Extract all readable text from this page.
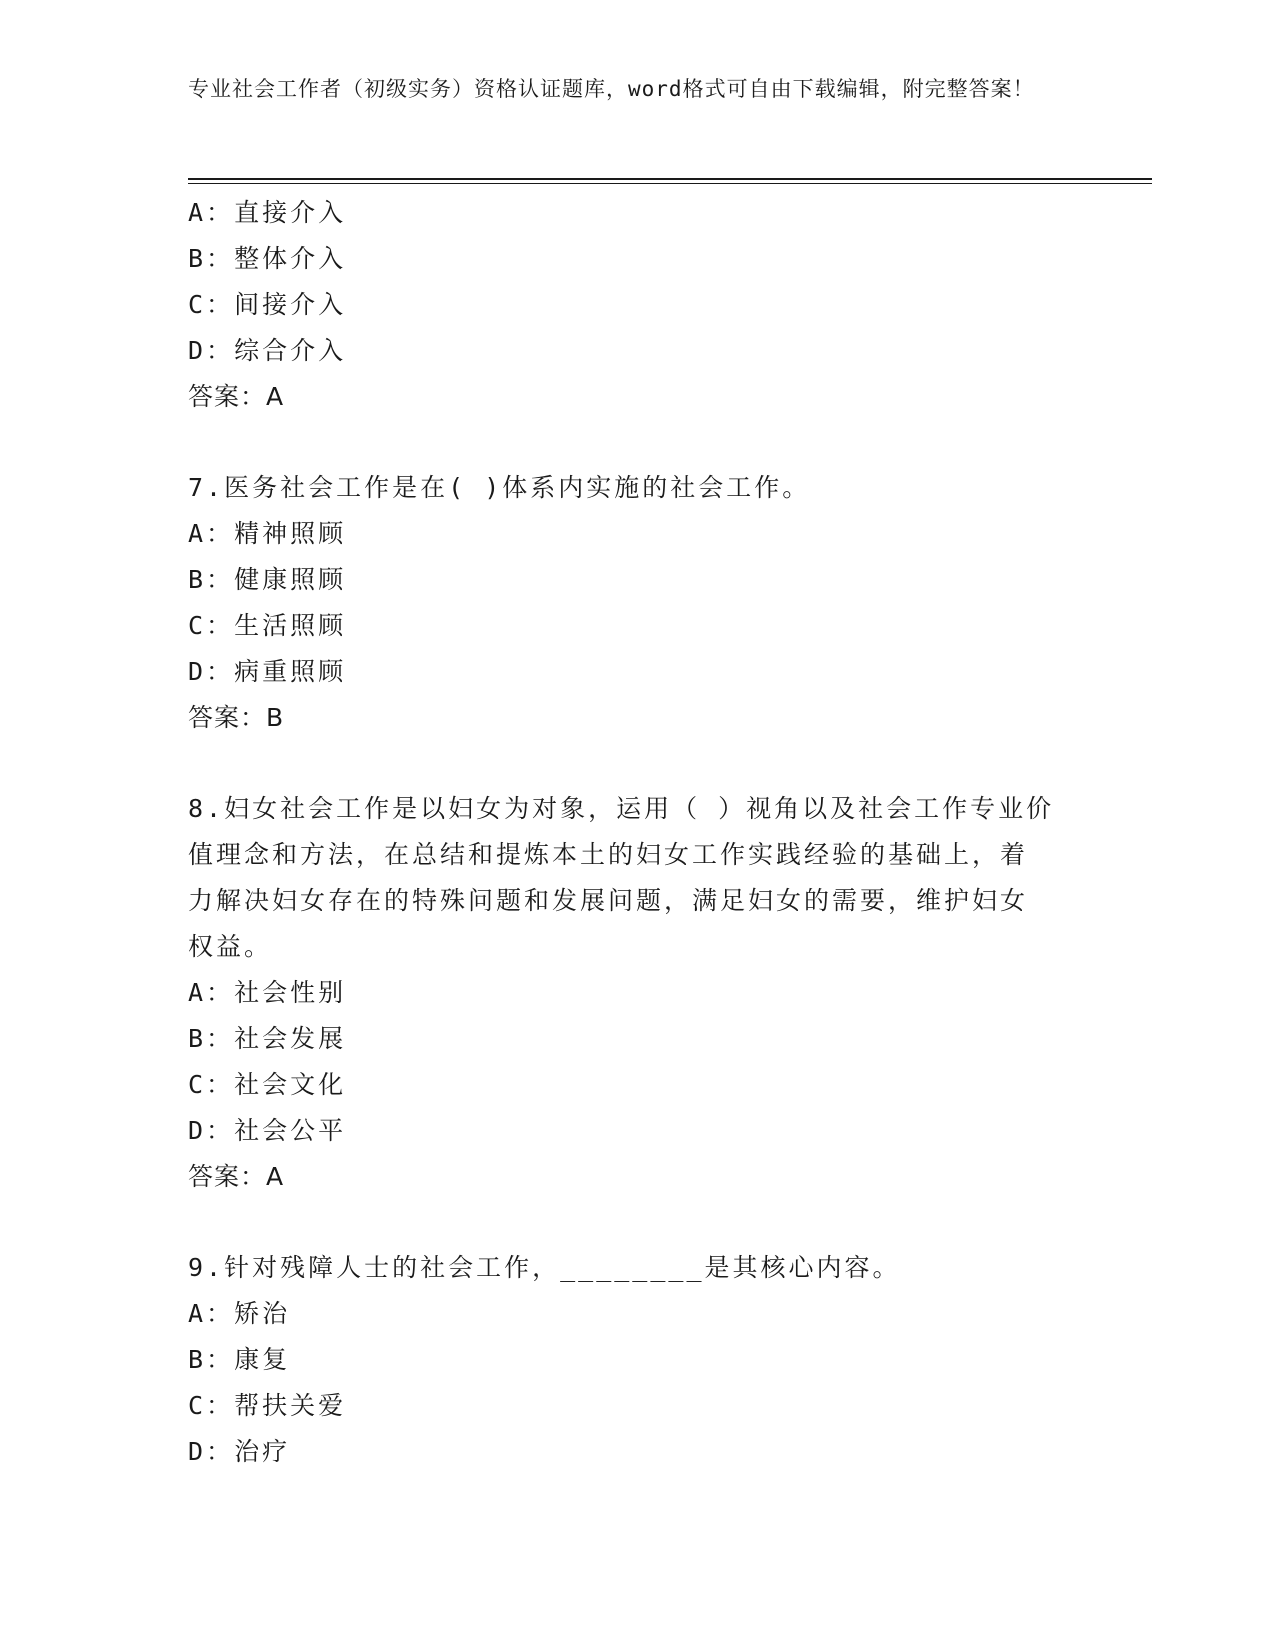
专业社会工作者（初级实务）资格认证题库，word格式可自由下载编辑，附完整答案！
A：直接介入
B：整体介入
C：间接介入
D：综合介入
答案：A
7.医务社会工作是在( )体系内实施的社会工作。
A：精神照顾
B：健康照顾
C：生活照顾
D：病重照顾
答案：B
8.妇女社会工作是以妇女为对象，运用（ ）视角以及社会工作专业价
值理念和方法，在总结和提炼本土的妇女工作实践经验的基础上，着
力解决妇女存在的特殊问题和发展问题，满足妇女的需要，维护妇女
权益。
A：社会性别
B：社会发展
C：社会文化
D：社会公平
答案：A
9.针对残障人士的社会工作，________是其核心内容。
A：矫治
B：康复
C：帮扶关爱
D：治疗
